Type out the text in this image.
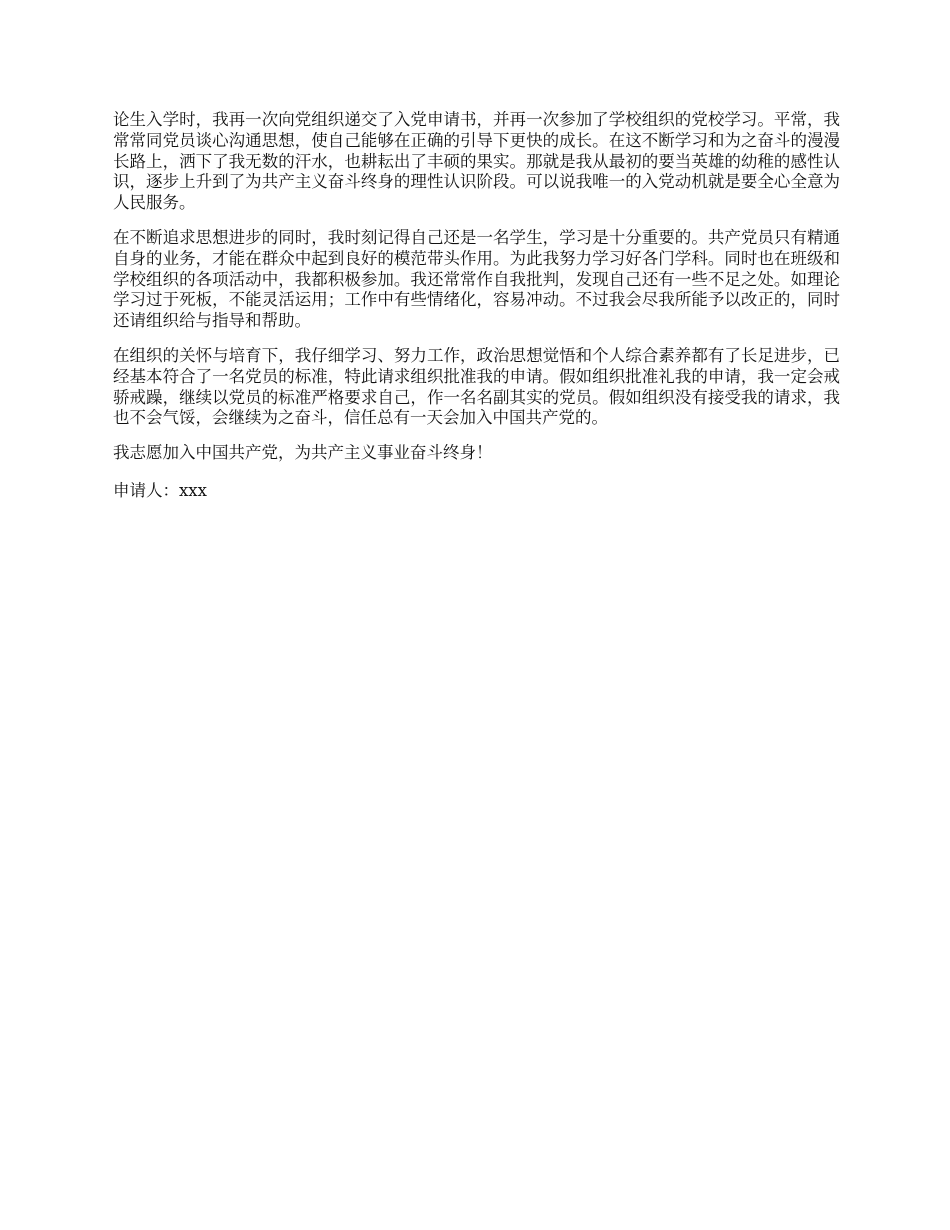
论生入学时，我再一次向党组织递交了入党申请书，并再一次参加了学校组织的党校学习。平常，我常常同党员谈心沟通思想，使自己能够在正确的引导下更快的成长。在这不断学习和为之奋斗的漫漫长路上，洒下了我无数的汗水，也耕耘出了丰硕的果实。那就是我从最初的要当英雄的幼稚的感性认识，逐步上升到了为共产主义奋斗终身的理性认识阶段。可以说我唯一的入党动机就是要全心全意为人民服务。

在不断追求思想进步的同时，我时刻记得自己还是一名学生，学习是十分重要的。共产党员只有精通自身的业务，才能在群众中起到良好的模范带头作用。为此我努力学习好各门学科。同时也在班级和学校组织的各项活动中，我都积极参加。我还常常作自我批判，发现自己还有一些不足之处。如理论学习过于死板，不能灵活运用；工作中有些情绪化，容易冲动。不过我会尽我所能予以改正的，同时还请组织给与指导和帮助。

在组织的关怀与培育下，我仔细学习、努力工作，政治思想觉悟和个人综合素养都有了长足进步，已经基本符合了一名党员的标准，特此请求组织批准我的申请。假如组织批准礼我的申请，我一定会戒骄戒躁，继续以党员的标准严格要求自己，作一名名副其实的党员。假如组织没有接受我的请求，我也不会气馁，会继续为之奋斗，信任总有一天会加入中国共产党的。

我志愿加入中国共产党，为共产主义事业奋斗终身！

申请人：xxx
